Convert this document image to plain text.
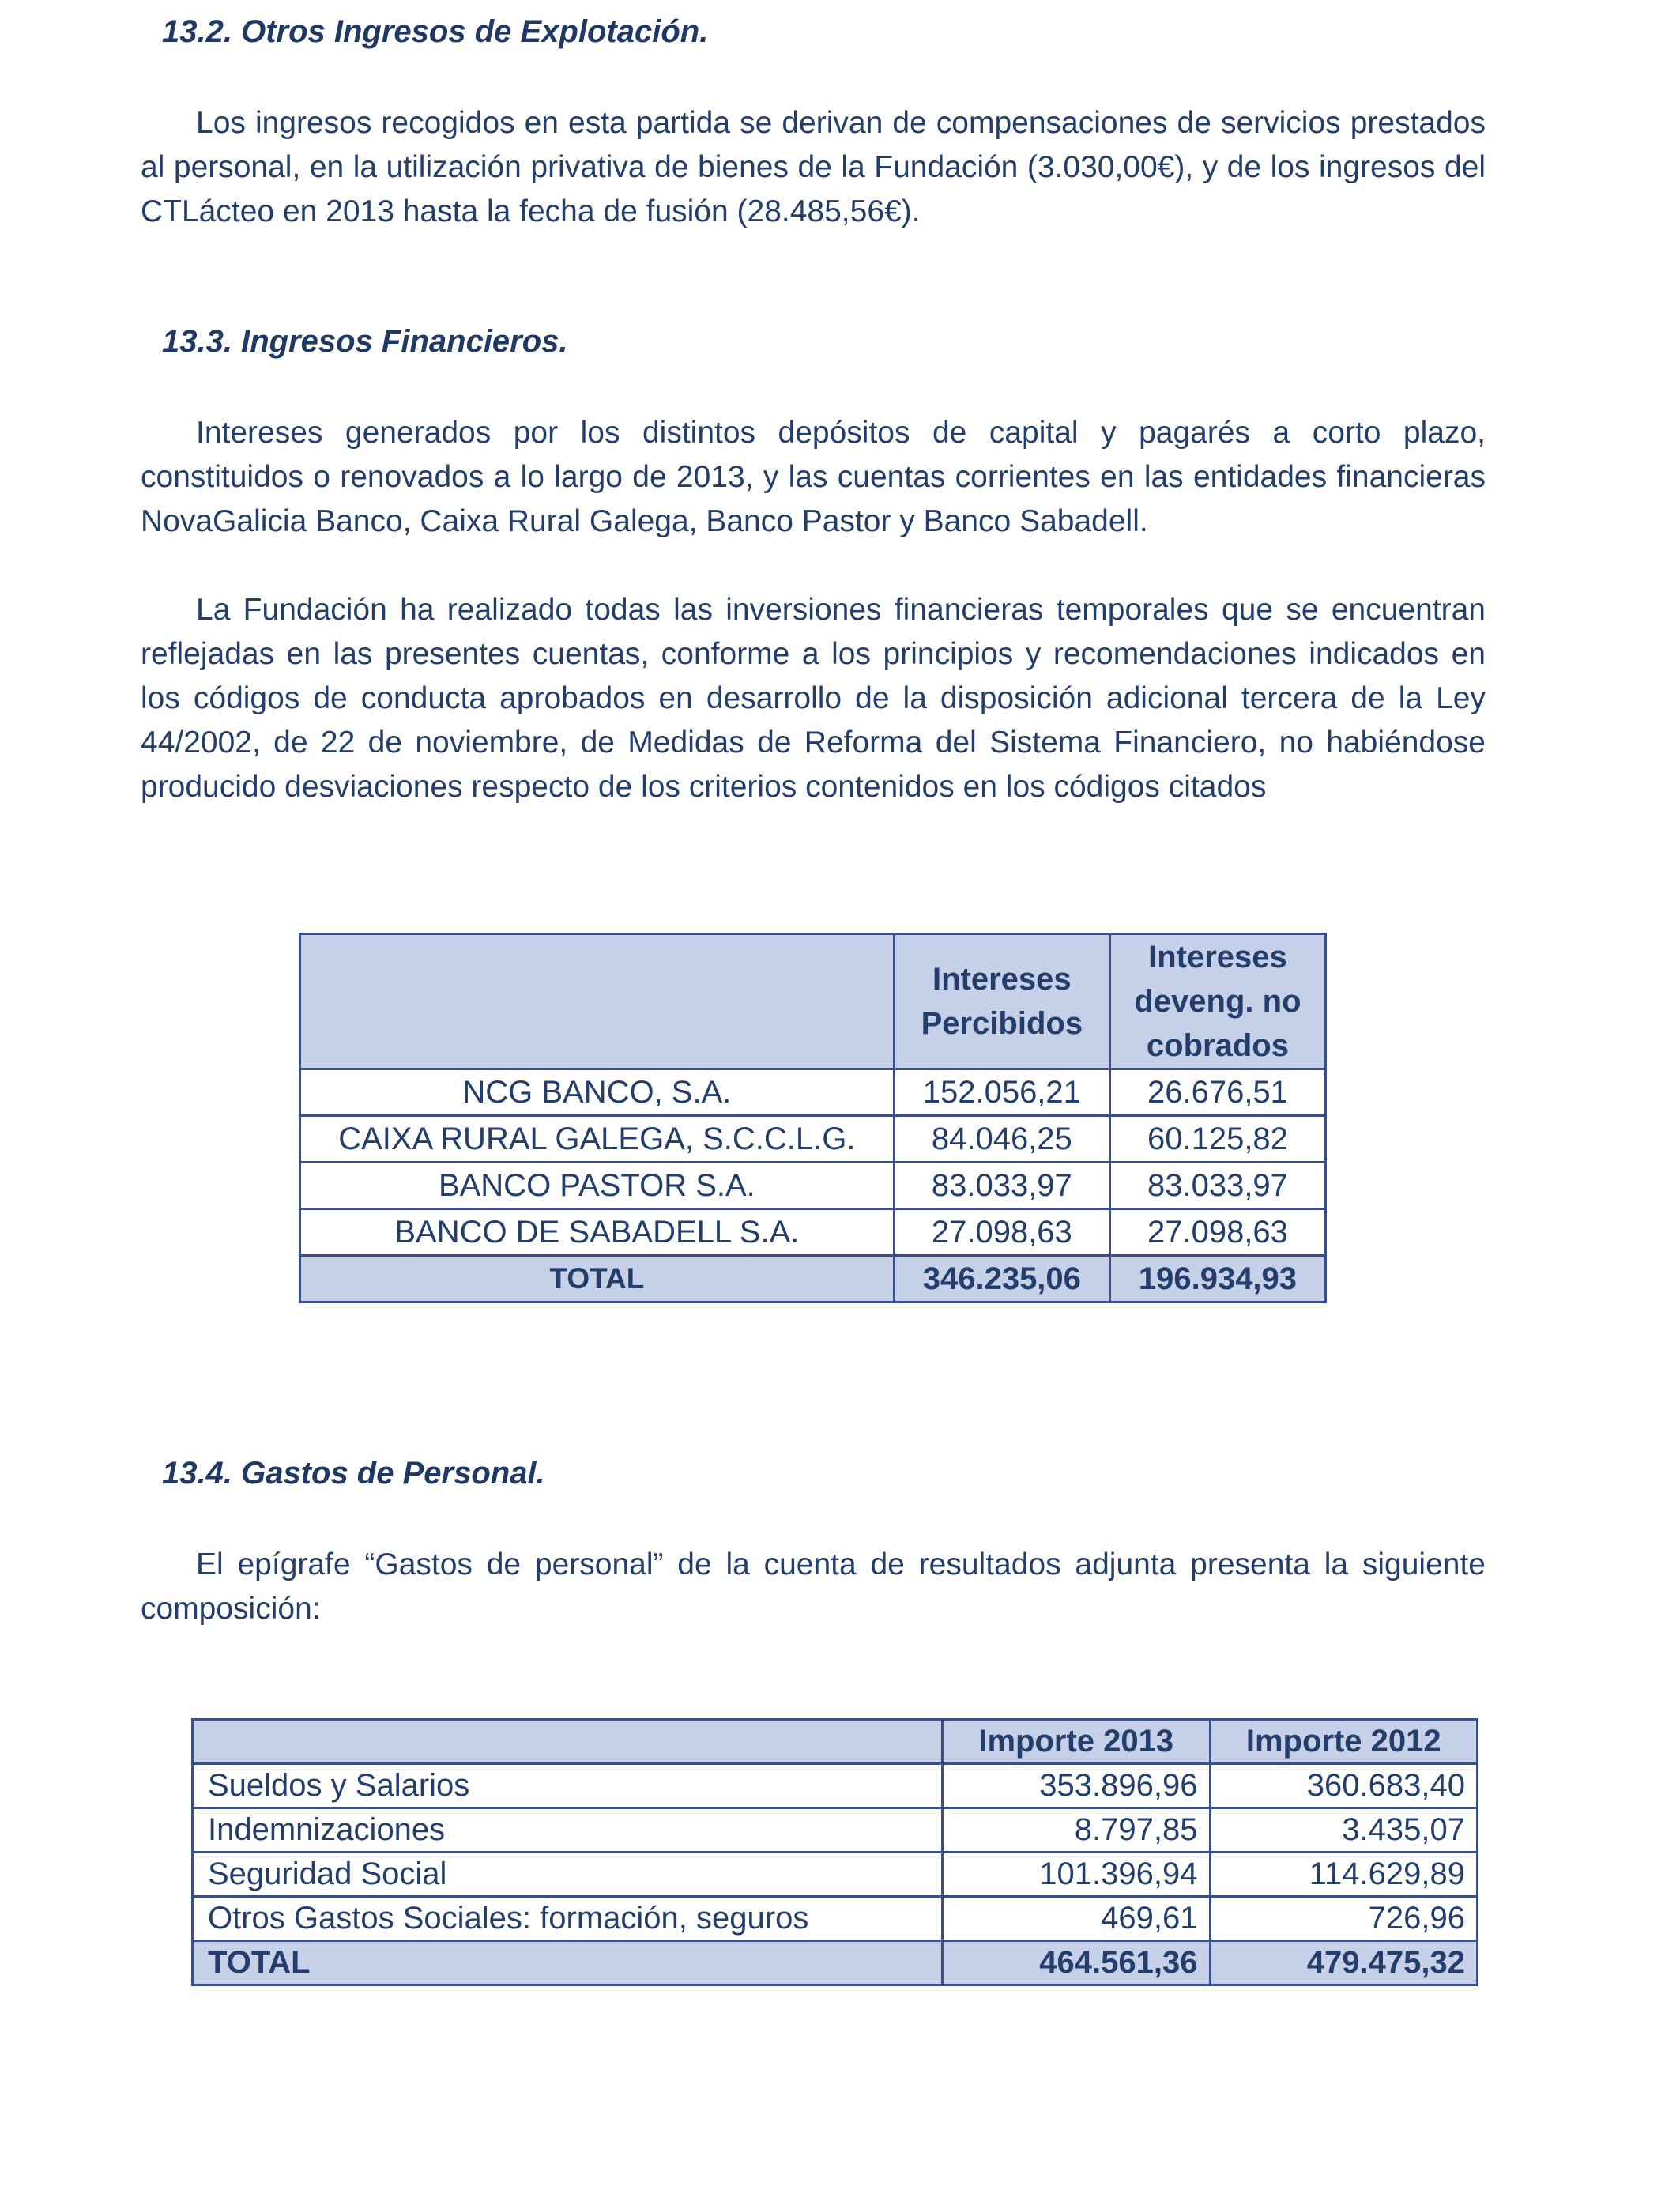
13.2. Otros Ingresos de Explotación.

Los ingresos recogidos en esta partida se derivan de compensaciones de servicios prestados al personal, en la utilización privativa de bienes de la Fundación (3.030,00€), y de los ingresos del CTLácteo en 2013 hasta la fecha de fusión (28.485,56€).

13.3. Ingresos Financieros.

Intereses generados por los distintos depósitos de capital y pagarés a corto plazo, constituidos o renovados a lo largo de 2013, y las cuentas corrientes en las entidades financieras NovaGalicia Banco, Caixa Rural Galega, Banco Pastor y Banco Sabadell.

La Fundación ha realizado todas las inversiones financieras temporales que se encuentran reflejadas en las presentes cuentas, conforme a los principios y recomendaciones indicados en los códigos de conducta aprobados en desarrollo de la disposición adicional tercera de la Ley 44/2002, de 22 de noviembre, de Medidas de Reforma del Sistema Financiero, no habiéndose producido desviaciones respecto de los criterios contenidos en los códigos citados

	Intereses Percibidos	Intereses deveng. no cobrados
NCG BANCO, S.A.	152.056,21	26.676,51
CAIXA RURAL GALEGA, S.C.C.L.G.	84.046,25	60.125,82
BANCO PASTOR S.A.	83.033,97	83.033,97
BANCO DE SABADELL S.A.	27.098,63	27.098,63
TOTAL	346.235,06	196.934,93
13.4. Gastos de Personal.

El epígrafe “Gastos de personal” de la cuenta de resultados adjunta presenta la siguiente composición:

	Importe 2013	Importe 2012
Sueldos y Salarios	353.896,96	360.683,40
Indemnizaciones	8.797,85	3.435,07
Seguridad Social	101.396,94	114.629,89
Otros Gastos Sociales: formación, seguros	469,61	726,96
TOTAL	464.561,36	479.475,32
